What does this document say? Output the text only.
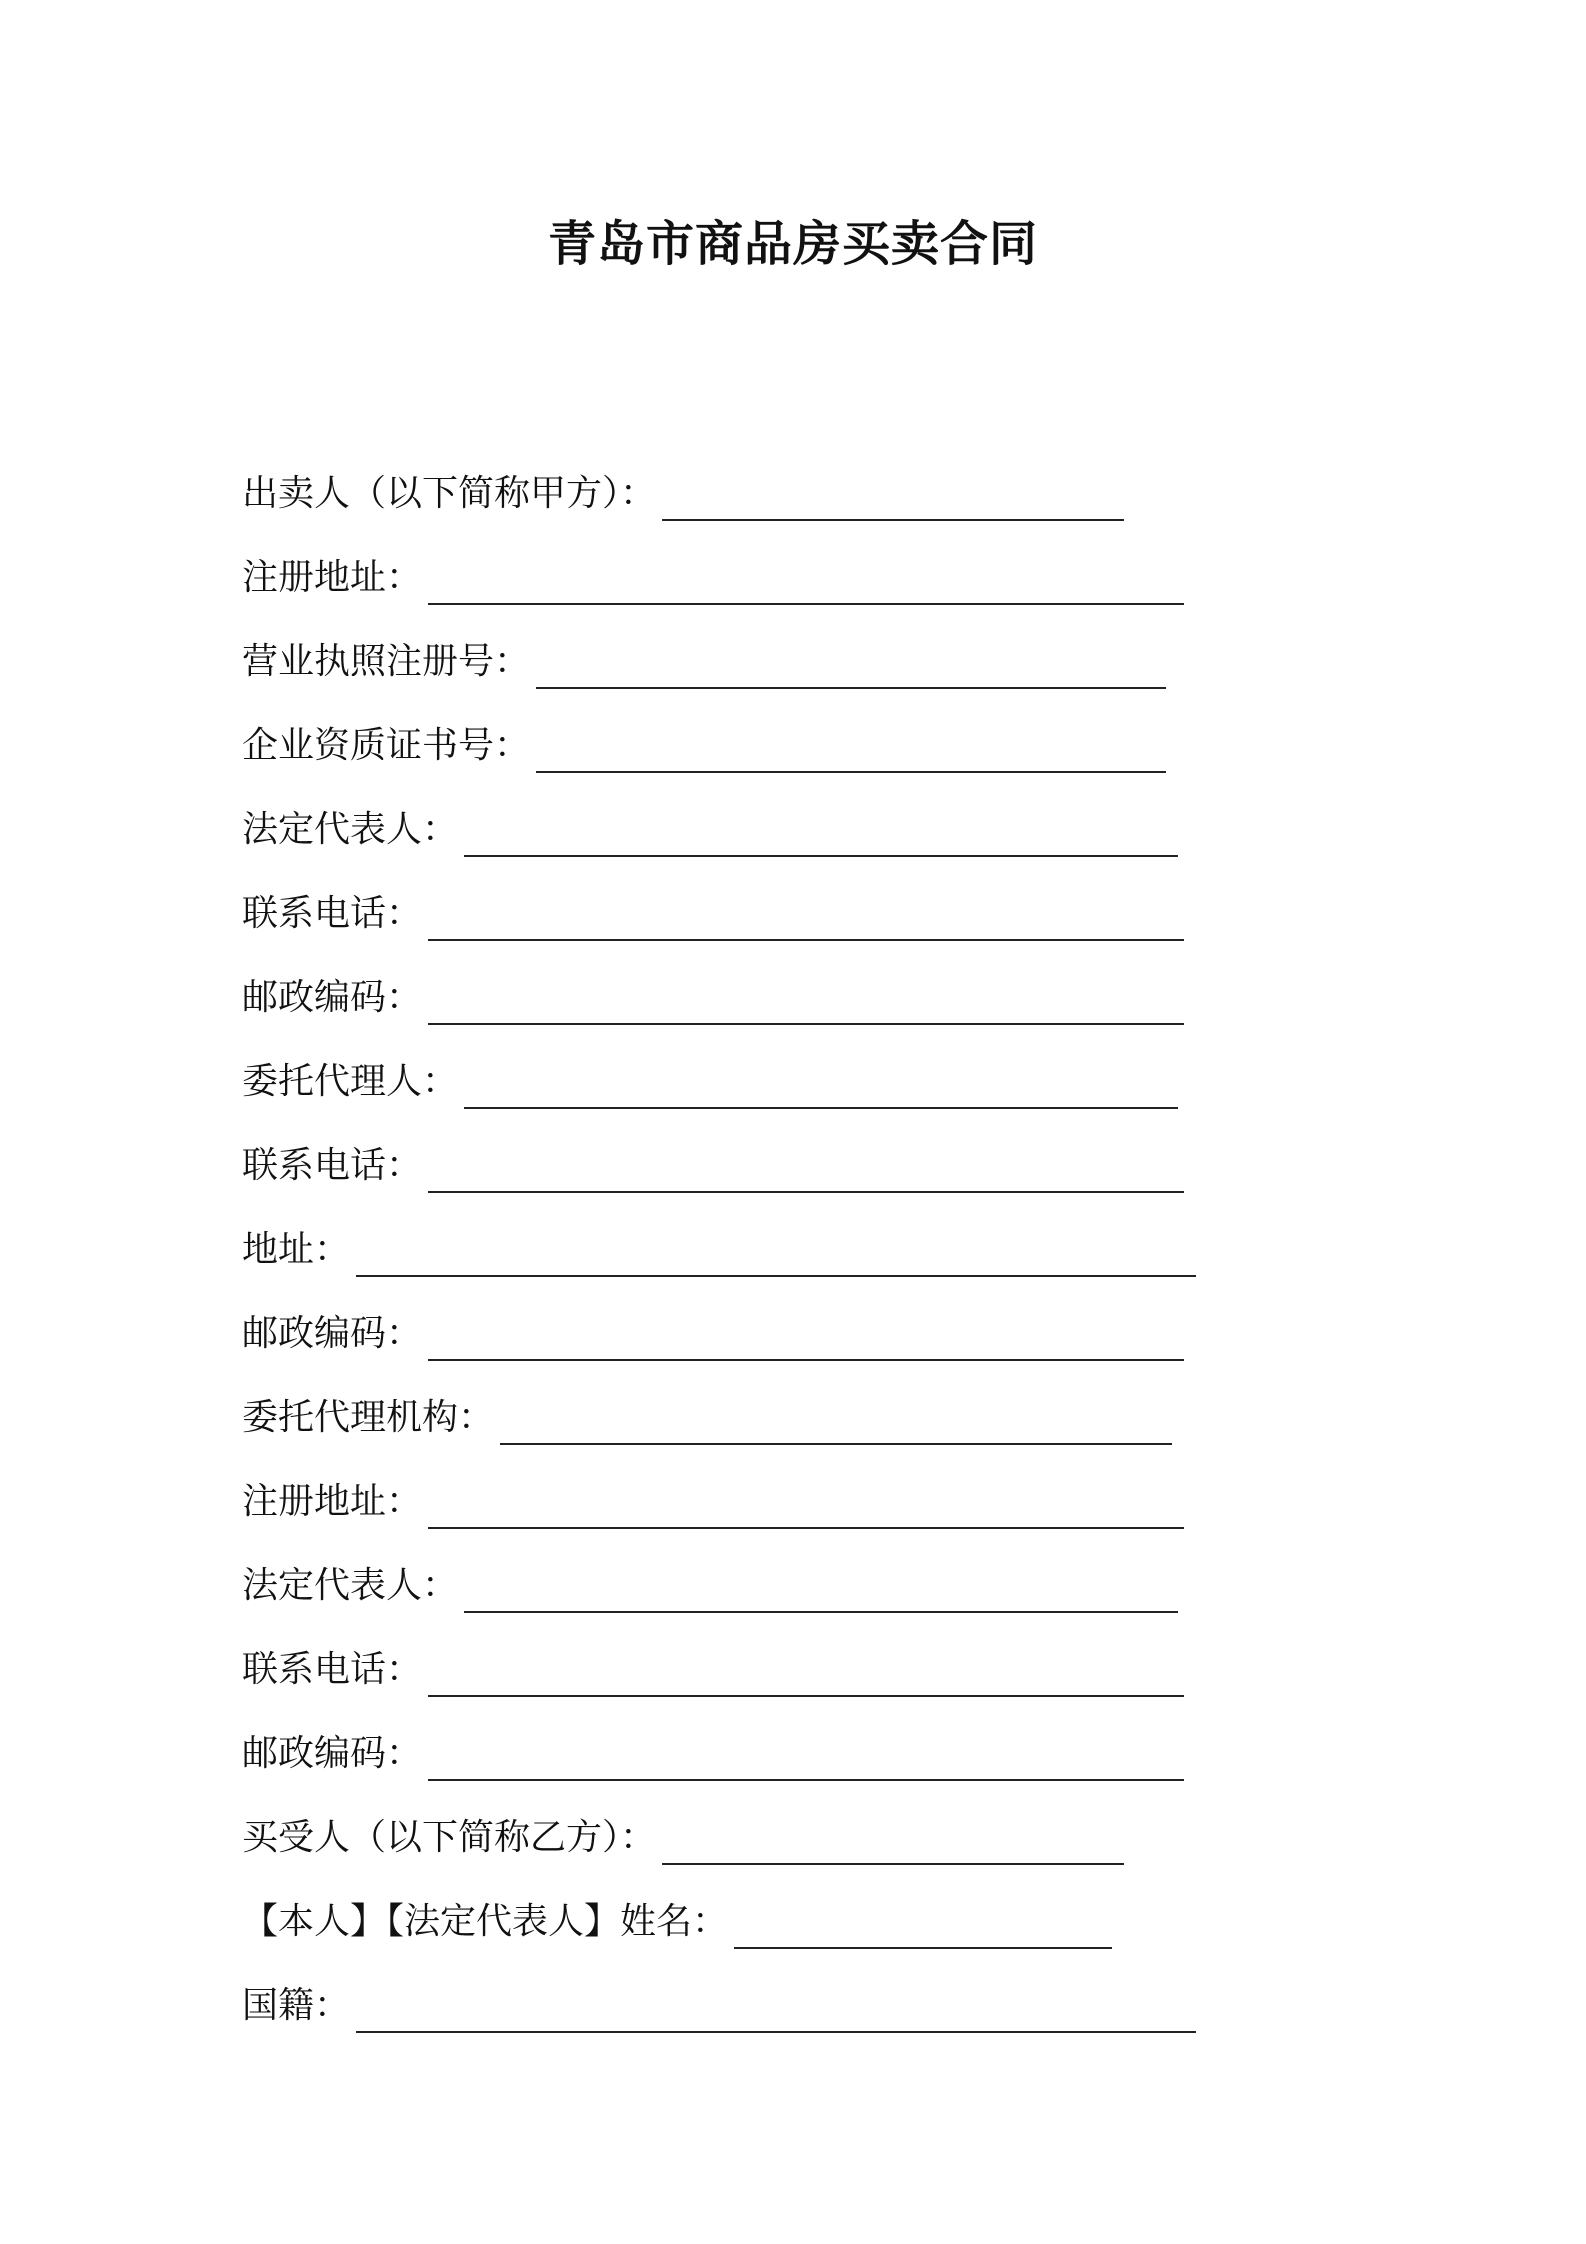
青岛市商品房买卖合同
出卖人（以下简称甲方）：
注册地址：
营业执照注册号：
企业资质证书号：
法定代表人：
联系电话：
邮政编码：
委托代理人：
联系电话：
地址：
邮政编码：
委托代理机构：
注册地址：
法定代表人：
联系电话：
邮政编码：
买受人（以下简称乙方）：
【本人】【法定代表人】姓名：
国籍：
